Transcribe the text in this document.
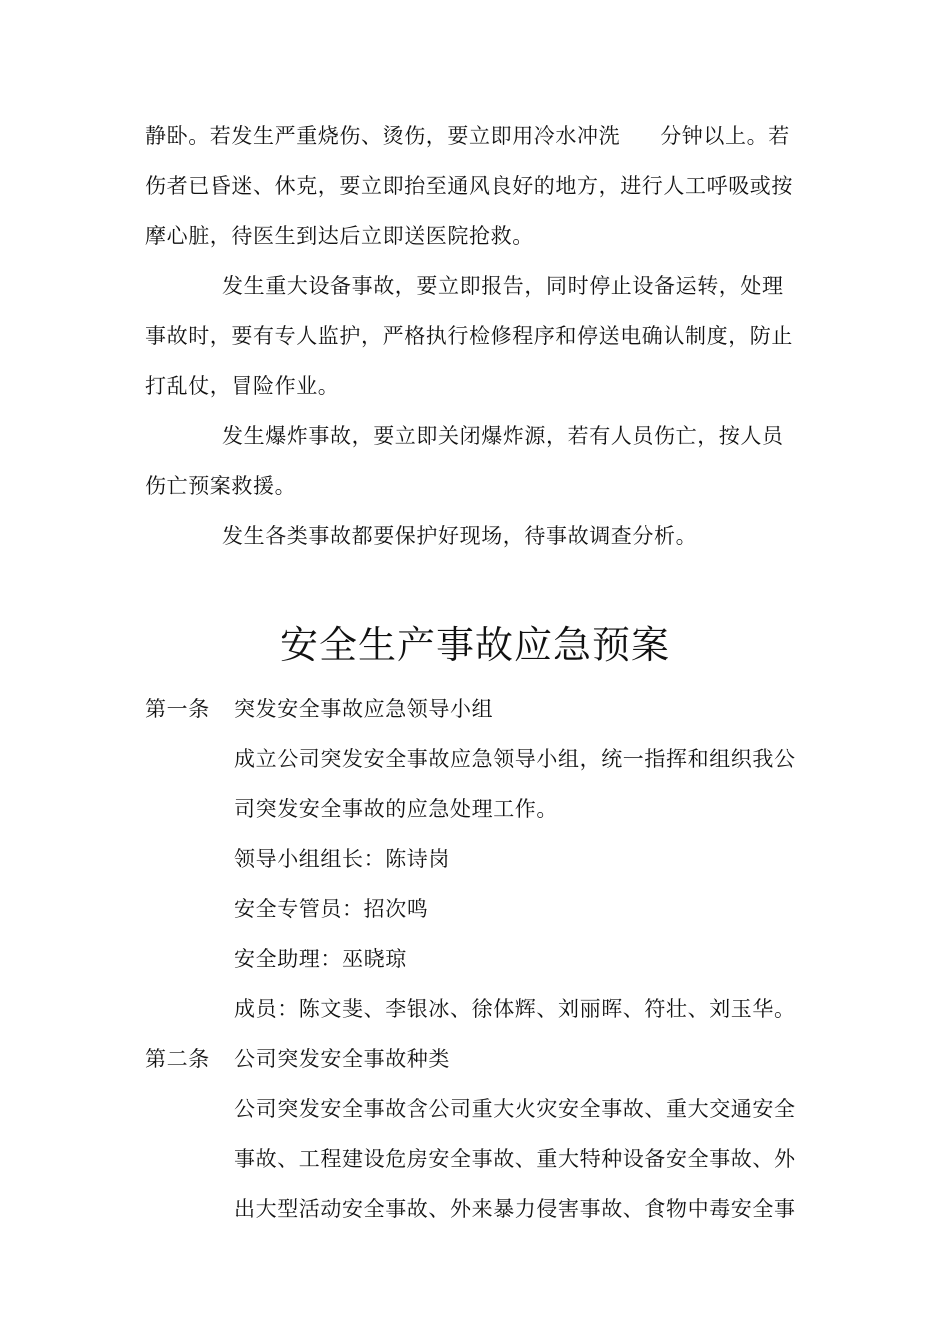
静卧。若发生严重烧伤、烫伤，要立即用冷水冲洗 分钟以上。若
伤者已昏迷、休克，要立即抬至通风良好的地方，进行人工呼吸或按
摩心脏，待医生到达后立即送医院抢救。
发生重大设备事故，要立即报告，同时停止设备运转，处理
事故时，要有专人监护，严格执行检修程序和停送电确认制度，防止
打乱仗，冒险作业。
发生爆炸事故，要立即关闭爆炸源，若有人员伤亡，按人员
伤亡预案救援。
发生各类事故都要保护好现场，待事故调查分析。
安全生产事故应急预案
第一条 突发安全事故应急领导小组
成立公司突发安全事故应急领导小组，统一指挥和组织我公
司突发安全事故的应急处理工作。
领导小组组长：陈诗岗
安全专管员：招次鸣
安全助理：巫晓琼
成员：陈文斐、李银冰、徐体辉、刘丽晖、符壮、刘玉华。
第二条 公司突发安全事故种类
公司突发安全事故含公司重大火灾安全事故、重大交通安全
事故、工程建设危房安全事故、重大特种设备安全事故、外
出大型活动安全事故、外来暴力侵害事故、食物中毒安全事
